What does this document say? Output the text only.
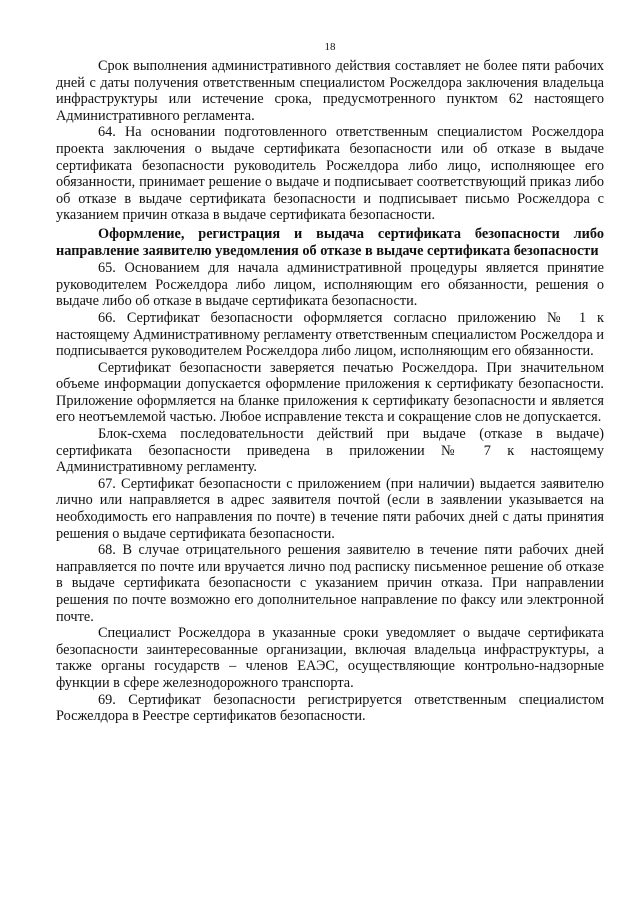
18

Срок выполнения административного действия составляет не более пяти рабочих дней с даты получения ответственным специалистом Росжелдора заключения владельца инфраструктуры или истечение срока, предусмотренного пунктом 62 настоящего Административного регламента.

64. На основании подготовленного ответственным специалистом Росжелдора проекта заключения о выдаче сертификата безопасности или об отказе в выдаче сертификата безопасности руководитель Росжелдора либо лицо, исполняющее его обязанности, принимает решение о выдаче и подписывает соответствующий приказ либо об отказе в выдаче сертификата безопасности и подписывает письмо Росжелдора с указанием причин отказа в выдаче сертификата безопасности.

Оформление, регистрация и выдача сертификата безопасности либо направление заявителю уведомления об отказе в выдаче сертификата безопасности

65. Основанием для начала административной процедуры является принятие руководителем Росжелдора либо лицом, исполняющим его обязанности, решения о выдаче либо об отказе в выдаче сертификата безопасности.

66. Сертификат безопасности оформляется согласно приложению № 1 к настоящему Административному регламенту ответственным специалистом Росжелдора и подписывается руководителем Росжелдора либо лицом, исполняющим его обязанности.

Сертификат безопасности заверяется печатью Росжелдора. При значительном объеме информации допускается оформление приложения к сертификату безопасности. Приложение оформляется на бланке приложения к сертификату безопасности и является его неотъемлемой частью. Любое исправление текста и сокращение слов не допускается.

Блок-схема последовательности действий при выдаче (отказе в выдаче) сертификата безопасности приведена в приложении № 7 к настоящему Административному регламенту.

67. Сертификат безопасности с приложением (при наличии) выдается заявителю лично или направляется в адрес заявителя почтой (если в заявлении указывается на необходимость его направления по почте) в течение пяти рабочих дней с даты принятия решения о выдаче сертификата безопасности.

68. В случае отрицательного решения заявителю в течение пяти рабочих дней направляется по почте или вручается лично под расписку письменное решение об отказе в выдаче сертификата безопасности с указанием причин отказа. При направлении решения по почте возможно его дополнительное направление по факсу или электронной почте.

Специалист Росжелдора в указанные сроки уведомляет о выдаче сертификата безопасности заинтересованные организации, включая владельца инфраструктуры, а также органы государств – членов ЕАЭС, осуществляющие контрольно-надзорные функции в сфере железнодорожного транспорта.

69. Сертификат безопасности регистрируется ответственным специалистом Росжелдора в Реестре сертификатов безопасности.
